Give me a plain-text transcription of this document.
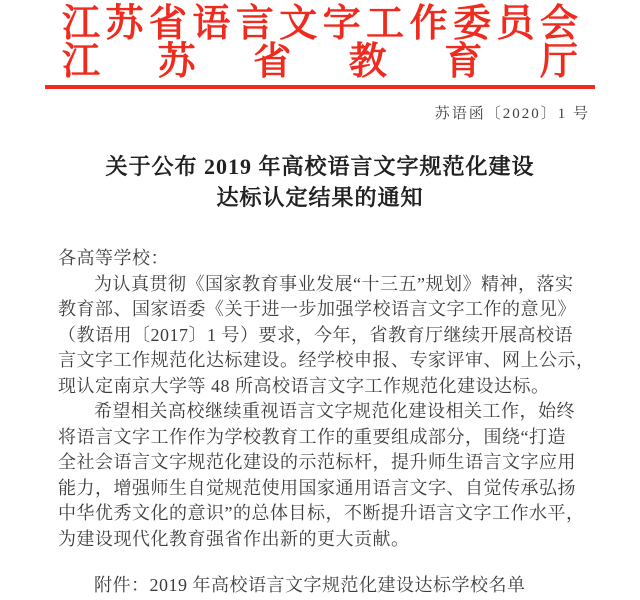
江苏省语言文字工作委员会
江苏省教育厅
苏语函〔2020〕1 号
关于公布 2019 年高校语言文字规范化建设
达标认定结果的通知
各高等学校：
为认真贯彻《国家教育事业发展“十三五”规划》精神，落实
教育部、国家语委《关于进一步加强学校语言文字工作的意见》
（教语用〔2017〕1 号）要求，今年，省教育厅继续开展高校语
言文字工作规范化达标建设。经学校申报、专家评审、网上公示，
现认定南京大学等 48 所高校语言文字工作规范化建设达标。
希望相关高校继续重视语言文字规范化建设相关工作，始终
将语言文字工作作为学校教育工作的重要组成部分，围绕“打造
全社会语言文字规范化建设的示范标杆，提升师生语言文字应用
能力，增强师生自觉规范使用国家通用语言文字、自觉传承弘扬
中华优秀文化的意识”的总体目标，不断提升语言文字工作水平，
为建设现代化教育强省作出新的更大贡献。
附件：2019 年高校语言文字规范化建设达标学校名单
